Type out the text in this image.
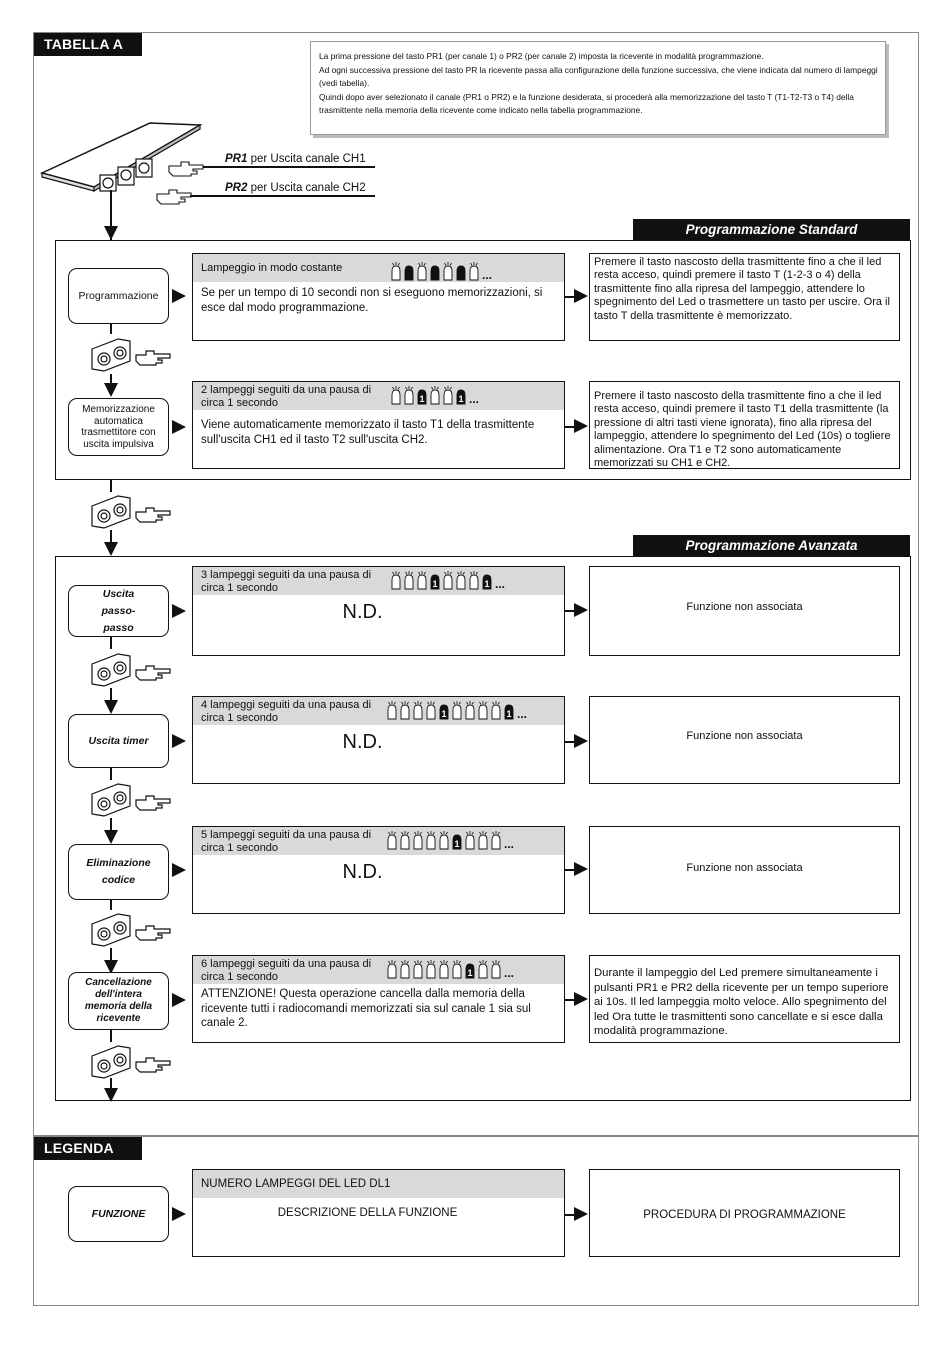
TABELLA A
LEGENDA
La prima pressione del tasto PR1 (per canale 1) o PR2 (per canale 2) imposta la ricevente in modalità programmazione.
Ad ogni successiva pressione del tasto PR la ricevente passa alla configurazione della funzione successiva, che viene indicata dal numero di lampeggi (vedi tabella).
Quindi dopo aver selezionato il canale (PR1 o PR2) e la funzione desiderata, si procederà alla memorizzazione del tasto T (T1-T2-T3 o T4) della trasmittente nella memoria della ricevente come indicato nella tabella programmazione.
PR1 per Uscita canale CH1
PR2 per Uscita canale CH2
Programmazione Standard
Programmazione
Lampeggio in modo costante	...
Se per un tempo di 10 secondi non si eseguono memorizzazioni, si esce dal modo programmazione.
Premere il tasto nascosto della trasmittente fino a che il led resta acceso, quindi premere il tasto T (1-2-3 o 4) della trasmittente fino alla ripresa del lampeggio, attendere lo spegnimento del Led o trasmettere un tasto per uscire. Ora il tasto T della trasmittente è memorizzato.
Memorizzazione automatica trasmettitore con uscita impulsiva
2 lampeggi seguiti da una pausa di circa 1 secondo	1	1 ...
Viene automaticamente memorizzato il tasto T1 della trasmittente sull'uscita CH1 ed il tasto T2 sull'uscita CH2.
Premere il tasto nascosto della trasmittente fino a che il led resta acceso, quindi premere il tasto T1 della trasmittente (la pressione di altri tasti viene ignorata), fino alla ripresa del lampeggio, attendere lo spegnimento del Led (10s) o togliere alimentazione. Ora T1 e T2 sono automaticamente memorizzati su CH1 e CH2.
Programmazione Avanzata
Uscita passo-passo
3 lampeggi seguiti da una pausa di circa 1 secondo	1	1 ...
N.D.	Funzione non associata
Uscita timer
4 lampeggi seguiti da una pausa di circa 1 secondo	1	1 ...
N.D.	Funzione non associata
Eliminazione codice
5 lampeggi seguiti da una pausa di circa 1 secondo	1	...
N.D.	Funzione non associata
Cancellazione dell'intera memoria della ricevente
6 lampeggi seguiti da una pausa di circa 1 secondo	1	...
ATTENZIONE! Questa operazione cancella dalla memoria della ricevente tutti i radiocomandi memorizzati sia sul canale 1 sia sul canale 2.
Durante il lampeggio del Led premere simultaneamente i pulsanti PR1 e PR2 della ricevente per un tempo superiore ai 10s. Il led lampeggia molto veloce. Allo spegnimento del led Ora tutte le trasmittenti sono cancellate e si esce dalla modalità programmazione.
FUNZIONE
NUMERO LAMPEGGI DEL LED DL1
DESCRIZIONE DELLA FUNZIONE	PROCEDURA DI PROGRAMMAZIONE
